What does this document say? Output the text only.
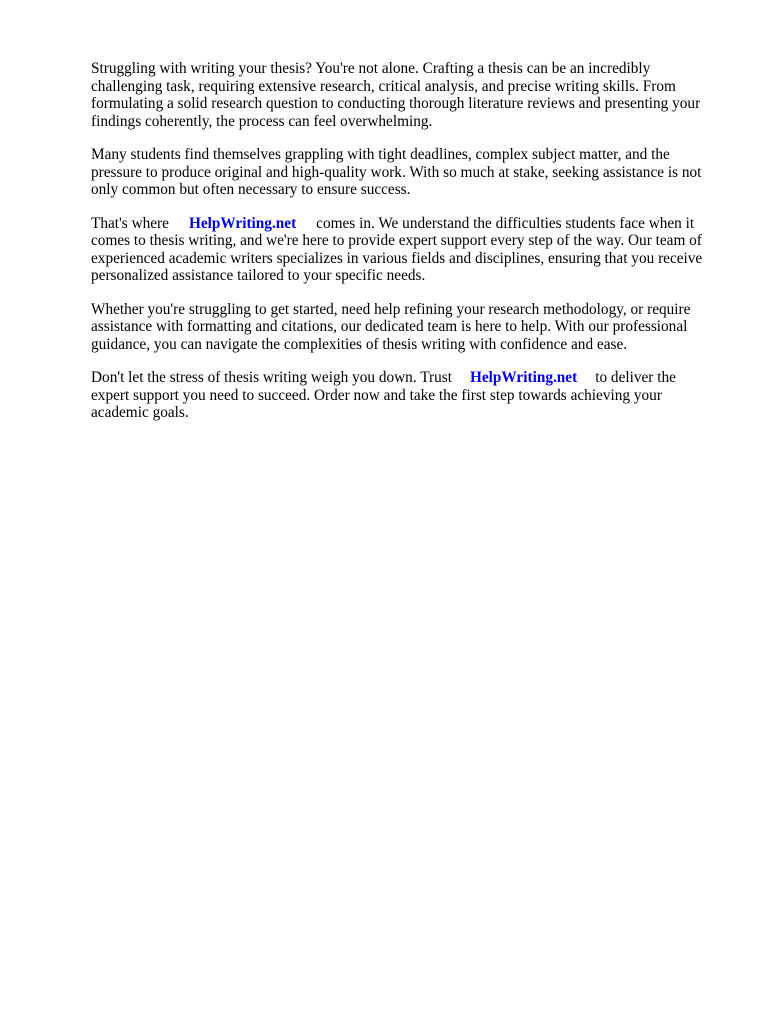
Struggling with writing your thesis? You're not alone. Crafting a thesis can be an incredibly challenging task, requiring extensive research, critical analysis, and precise writing skills. From formulating a solid research question to conducting thorough literature reviews and presenting your findings coherently, the process can feel overwhelming.

Many students find themselves grappling with tight deadlines, complex subject matter, and the pressure to produce original and high-quality work. With so much at stake, seeking assistance is not only common but often necessary to ensure success.

That's where HelpWriting.net comes in. We understand the difficulties students face when it comes to thesis writing, and we're here to provide expert support every step of the way. Our team of experienced academic writers specializes in various fields and disciplines, ensuring that you receive personalized assistance tailored to your specific needs.

Whether you're struggling to get started, need help refining your research methodology, or require assistance with formatting and citations, our dedicated team is here to help. With our professional guidance, you can navigate the complexities of thesis writing with confidence and ease.

Don't let the stress of thesis writing weigh you down. Trust HelpWriting.net to deliver the expert support you need to succeed. Order now and take the first step towards achieving your academic goals.
